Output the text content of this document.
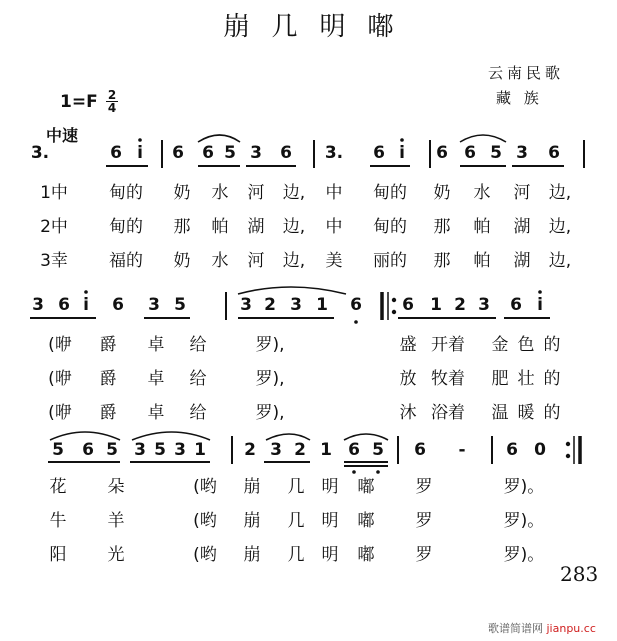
崩几明嘟
云南民歌
藏 族
$1=F \frac{2}{4}$
中速
3.	6 i 6 6 5 3 6 3. 6 i 6 6 5 3 6
1中 甸的 奶 水 河 边, 中 甸的 奶 水 河 边,
2中 甸的 那 帕 湖 边, 中 甸的 那 帕 湖 边,
3幸 福的 奶 水 河 边, 美 丽的 那 帕 湖 边,
3 6 i 6 3 5	3 2 3 1 6 6 1 2 3 6 i
(咿 爵 卓 给	罗),	盛 开着 金 色 的
(咿 爵 卓 给	罗),	放 牧着 肥 壮 的
(咿 爵 卓 给	罗),	沐 浴着 温 暖 的
5 6 5 3 5 3 1 2 3 2 1 6 5 6 - 6 0
花 朵	(哟 崩 几 明 嘟 罗	罗)。
牛 羊	(哟 崩 几 明 嘟 罗	罗)。
阳 光	(哟 崩 几 明 嘟 罗	罗)。
283
歌谱简谱网 jianpu.cc
